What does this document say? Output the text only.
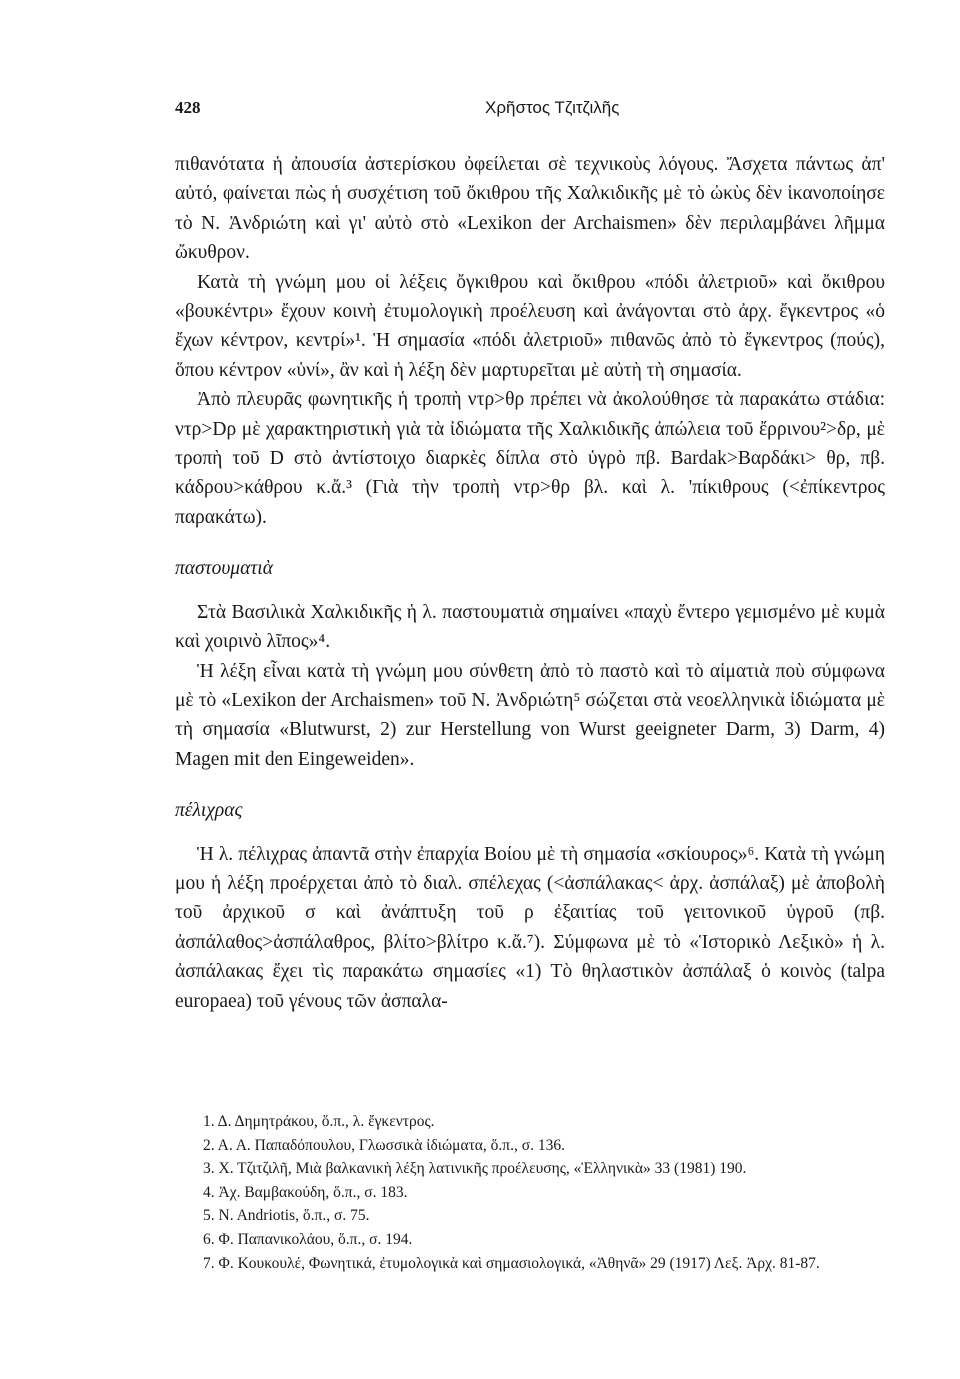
428	Χρῆστος Τζιτζιλῆς

πιθανότατα ἡ ἀπουσία ἀστερίσκου ὀφείλεται σὲ τεχνικοὺς λόγους. Ἄσχετα πάντως ἀπ' αὐτό, φαίνεται πὼς ἡ συσχέτιση τοῦ ὄκιθρου τῆς Χαλκιδικῆς μὲ τὸ ὠκὺς δὲν ἱκανοποίησε τὸ Ν. Ἀνδριώτη καὶ γι' αὐτὸ στὸ «Lexikon der Archaismen» δὲν περιλαμβάνει λῆμμα ὤκυθρον.

Κατὰ τὴ γνώμη μου οἱ λέξεις ὄγκιθρου καὶ ὄκιθρου «πόδι ἀλετριοῦ» καὶ ὄκιθρου «βουκέντρι» ἔχουν κοινὴ ἐτυμολογικὴ προέλευση καὶ ἀνάγονται στὸ ἀρχ. ἔγκεντρος «ὁ ἔχων κέντρον, κεντρί»¹. Ἡ σημασία «πόδι ἀλετριοῦ» πιθανῶς ἀπὸ τὸ ἔγκεντρος (πούς), ὅπου κέντρον «ὑνί», ἂν καὶ ἡ λέξη δὲν μαρτυρεῖται μὲ αὐτὴ τὴ σημασία.

Ἀπὸ πλευρᾶς φωνητικῆς ἡ τροπὴ ντρ>θρ πρέπει νὰ ἀκολούθησε τὰ παρακάτω στάδια: ντρ>Dρ μὲ χαρακτηριστικὴ γιὰ τὰ ἰδιώματα τῆς Χαλκιδικῆς ἀπώλεια τοῦ ἔρρινου²>δρ, μὲ τροπὴ τοῦ D στὸ ἀντίστοιχο διαρκὲς δίπλα στὸ ὑγρὸ πβ. Bardak>Βαρδάκι> θρ, πβ. κάδρου>κάθρου κ.ἄ.³ (Γιὰ τὴν τροπὴ ντρ>θρ βλ. καὶ λ. 'πίκιθρους (<ἐπίκεντρος παρακάτω).

παστουματιὰ

Στὰ Βασιλικὰ Χαλκιδικῆς ἡ λ. παστουματιὰ σημαίνει «παχὺ ἔντερο γεμισμένο μὲ κυμὰ καὶ χοιρινὸ λῖπος»⁴.

Ἡ λέξη εἶναι κατὰ τὴ γνώμη μου σύνθετη ἀπὸ τὸ παστὸ καὶ τὸ αἱματιὰ ποὺ σύμφωνα μὲ τὸ «Lexikon der Archaismen» τοῦ Ν. Ἀνδριώτη⁵ σώζεται στὰ νεοελληνικὰ ἰδιώματα μὲ τὴ σημασία «Blutwurst, 2) zur Herstellung von Wurst geeigneter Darm, 3) Darm, 4) Magen mit den Eingeweiden».

πέλιχρας

Ἡ λ. πέλιχρας ἀπαντᾶ στὴν ἐπαρχία Βοίου μὲ τὴ σημασία «σκίουρος»⁶. Κατὰ τὴ γνώμη μου ἡ λέξη προέρχεται ἀπὸ τὸ διαλ. σπέλεχας (<ἀσπάλακας< ἀρχ. ἀσπάλαξ) μὲ ἀποβολὴ τοῦ ἀρχικοῦ σ καὶ ἀνάπτυξη τοῦ ρ ἐξαιτίας τοῦ γειτονικοῦ ὑγροῦ (πβ. ἀσπάλαθος>ἀσπάλαθρος, βλίτο>βλίτρο κ.ἄ.⁷). Σύμφωνα μὲ τὸ «Ἱστορικὸ Λεξικὸ» ἡ λ. ἀσπάλακας ἔχει τὶς παρακάτω σημασίες «1) Τὸ θηλαστικὸν ἀσπάλαξ ὁ κοινὸς (talpa europaea) τοῦ γένους τῶν ἀσπαλα-

1. Δ. Δημητράκου, ὅ.π., λ. ἔγκεντρος.

2. Α. Α. Παπαδόπουλου, Γλωσσικὰ ἰδιώματα, ὅ.π., σ. 136.

3. Χ. Τζιτζιλῆ, Μιὰ βαλκανικὴ λέξη λατινικῆς προέλευσης, «Ἑλληνικὰ» 33 (1981) 190.

4. Ἀχ. Βαμβακούδη, ὅ.π., σ. 183.

5. N. Andriotis, ὅ.π., σ. 75.

6. Φ. Παπανικολάου, ὅ.π., σ. 194.

7. Φ. Κουκουλέ, Φωνητικά, ἐτυμολογικὰ καὶ σημασιολογικά, «Ἀθηνᾶ» 29 (1917) Λεξ. Ἀρχ. 81-87.
